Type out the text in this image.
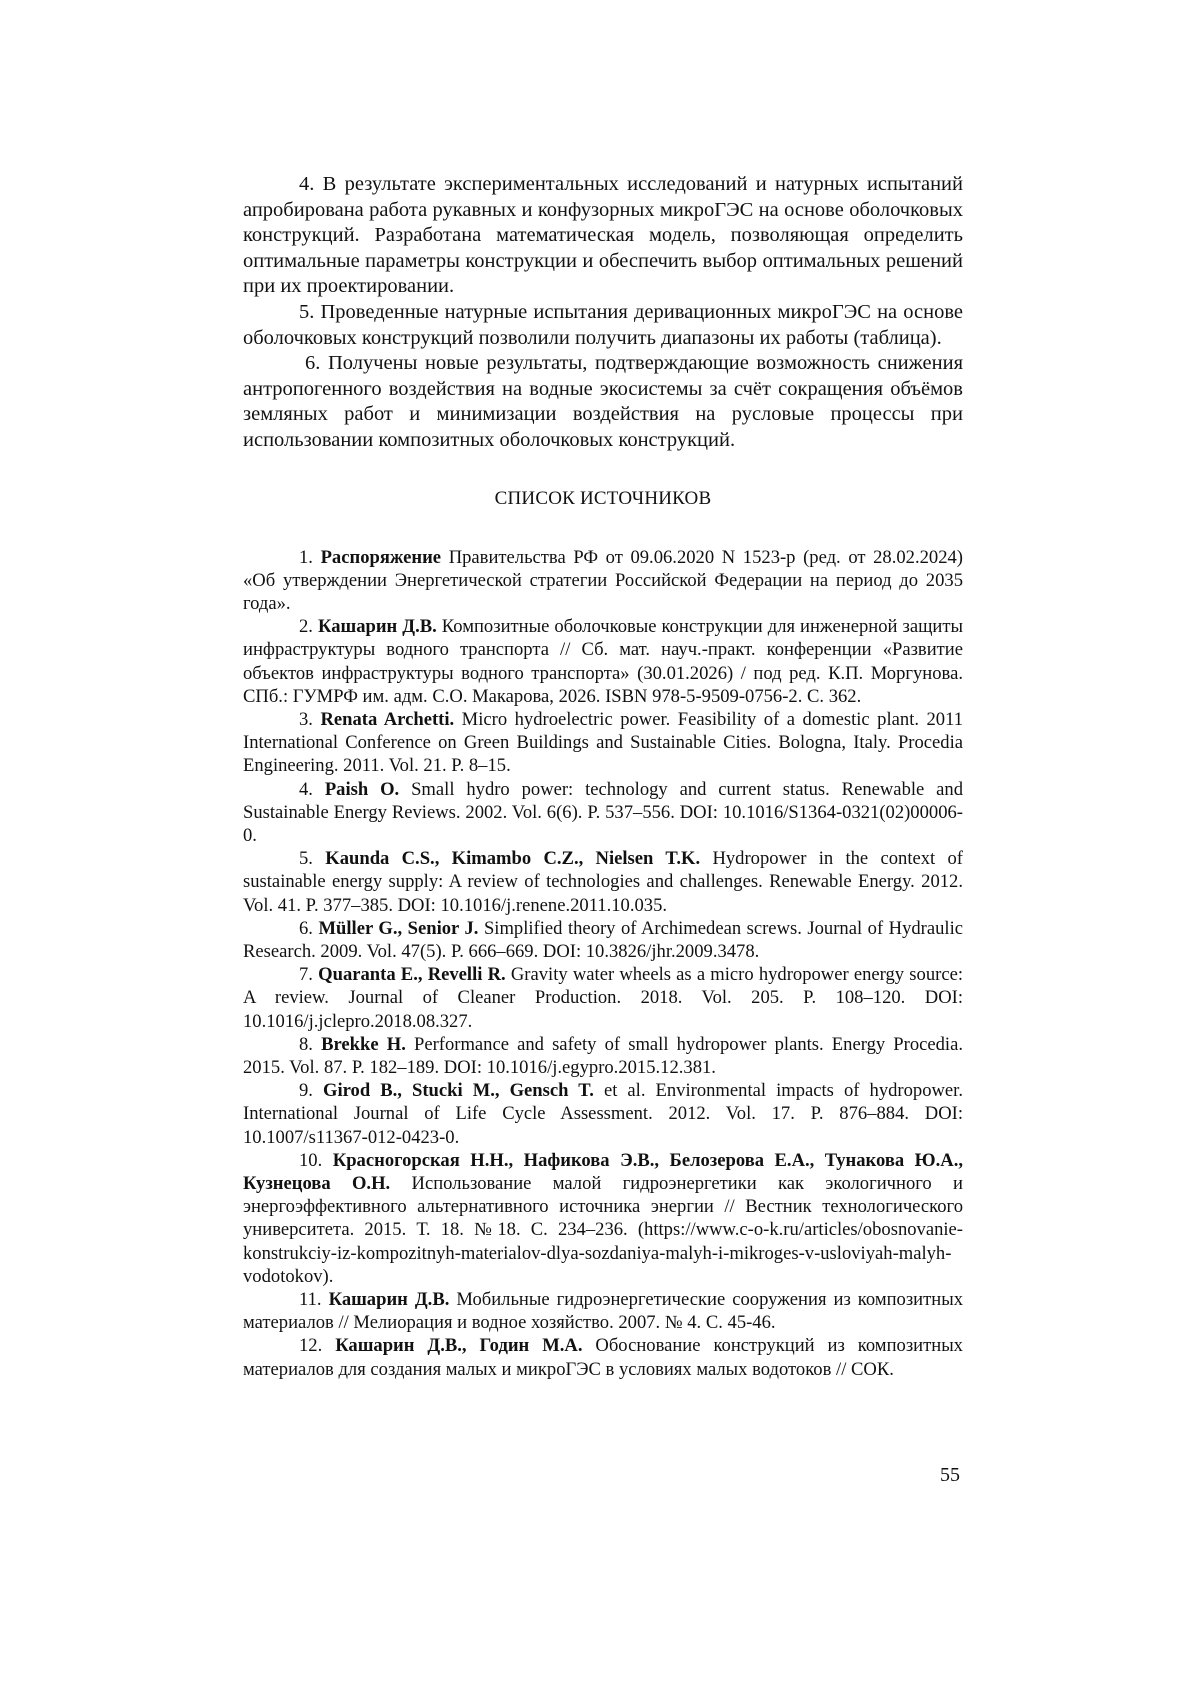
4. В результате экспериментальных исследований и натурных испытаний апробирована работа рукавных и конфузорных микроГЭС на основе оболочковых конструкций. Разработана математическая модель, позволяющая определить оптимальные параметры конструкции и обеспечить выбор оптимальных решений при их проектировании.

5. Проведенные натурные испытания деривационных микроГЭС на основе оболочковых конструкций позволили получить диапазоны их работы (таблица).

6. Получены новые результаты, подтверждающие возможность снижения антропогенного воздействия на водные экосистемы за счёт сокращения объёмов земляных работ и минимизации воздействия на русловые процессы при использовании композитных оболочковых конструкций.

СПИСОК ИСТОЧНИКОВ

1. Распоряжение Правительства РФ от 09.06.2020 N 1523-р (ред. от 28.02.2024) «Об утверждении Энергетической стратегии Российской Федерации на период до 2035 года».

2. Кашарин Д.В. Композитные оболочковые конструкции для инженерной защиты инфраструктуры водного транспорта // Сб. мат. науч.-практ. конференции «Развитие объектов инфраструктуры водного транспорта» (30.01.2026) / под ред. К.П. Моргунова. СПб.: ГУМРФ им. адм. С.О. Макарова, 2026. ISBN 978-5-9509-0756-2. С. 362.

3. Renata Archetti. Micro hydroelectric power. Feasibility of a domestic plant. 2011 International Conference on Green Buildings and Sustainable Cities. Bologna, Italy. Procedia Engineering. 2011. Vol. 21. P. 8–15.

4. Paish O. Small hydro power: technology and current status. Renewable and Sustainable Energy Reviews. 2002. Vol. 6(6). P. 537–556. DOI: 10.1016/S1364-0321(02)00006-0.

5. Kaunda C.S., Kimambo C.Z., Nielsen T.K. Hydropower in the context of sustainable energy supply: A review of technologies and challenges. Renewable Energy. 2012. Vol. 41. P. 377–385. DOI: 10.1016/j.renene.2011.10.035.

6. Müller G., Senior J. Simplified theory of Archimedean screws. Journal of Hydraulic Research. 2009. Vol. 47(5). P. 666–669. DOI: 10.3826/jhr.2009.3478.

7. Quaranta E., Revelli R. Gravity water wheels as a micro hydropower energy source: A review. Journal of Cleaner Production. 2018. Vol. 205. P. 108–120. DOI: 10.1016/j.jclepro.2018.08.327.

8. Brekke H. Performance and safety of small hydropower plants. Energy Procedia. 2015. Vol. 87. P. 182–189. DOI: 10.1016/j.egypro.2015.12.381.

9. Girod B., Stucki M., Gensch T. et al. Environmental impacts of hydropower. International Journal of Life Cycle Assessment. 2012. Vol. 17. P. 876–884. DOI: 10.1007/s11367-012-0423-0.

10. Красногорская Н.Н., Нафикова Э.В., Белозерова Е.А., Тунакова Ю.А., Кузнецова О.Н. Использование малой гидроэнергетики как экологичного и энергоэффективного альтернативного источника энергии // Вестник технологического университета. 2015. Т. 18. №18. С. 234–236. (https://www.c-o-k.ru/articles/obosnovanie-konstrukciy-iz-kompozitnyh-materialov-dlya-sozdaniya-malyh-i-mikroges-v-usloviyah-malyh-vodotokov).

11. Кашарин Д.В. Мобильные гидроэнергетические сооружения из композитных материалов // Мелиорация и водное хозяйство. 2007. № 4. С. 45-46.

12. Кашарин Д.В., Годин М.А. Обоснование конструкций из композитных материалов для создания малых и микроГЭС в условиях малых водотоков // СОК.

55
